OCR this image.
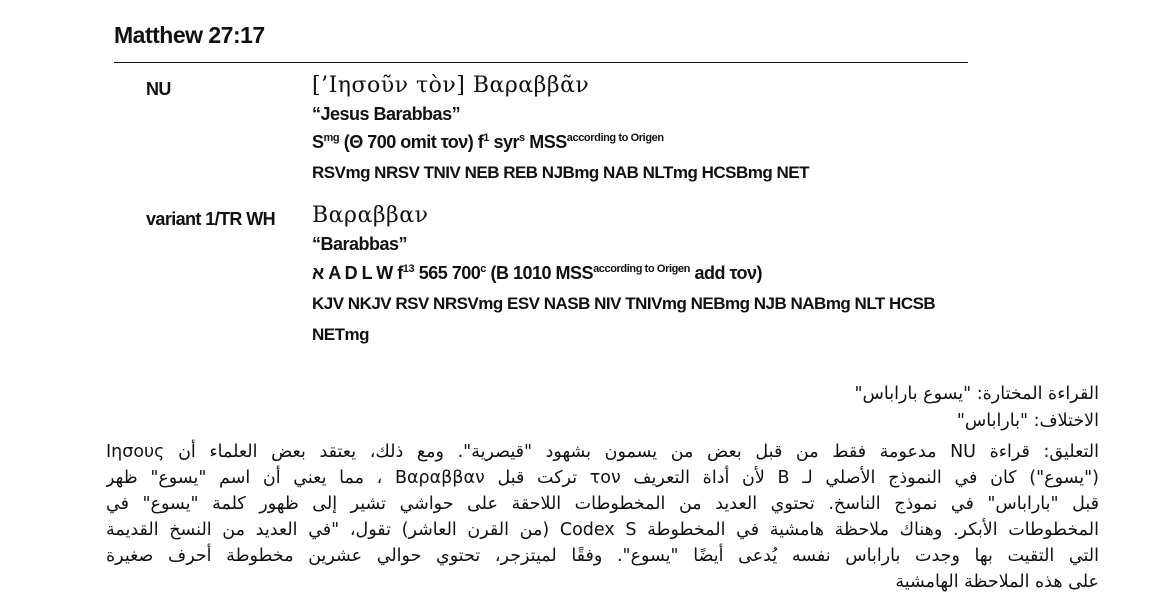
Matthew 27:17
NU	[’Ιησοῦν τὸν] Βαραββᾶν
“Jesus Barabbas”
$S^{mg}$ (Θ 700 omit τον) $f^1$ syr$^s$ $MSS^{according to Origen}$
RSVmg NRSV TNIV NEB REB NJBmg NAB NLTmg HCSBmg NET
variant 1/TR WH Βαραββαν
“Barabbas”
א A D L W $f^{13}$ 565 700$^c$ (B 1010 $MSS^{according to Origen}$ add τον)
KJV NKJV RSV NRSVmg ESV NASB NIV TNIVmg NEBmg NJB NABmg NLT HCSB
NETmg
القراءة المختارة: "يسوع باراباس"
الاختلاف: "باراباس"
التعليق: قراءة NU مدعومة فقط من قبل بعض من يسمون بشهود "قيصرية". ومع ذلك، يعتقد بعض العلماء أن Ιησους
("يسوع") كان في النموذج الأصلي لـ B لأن أداة التعريف τον تركت قبل Βαραββαν ، مما يعني أن اسم "يسوع" ظهر
قبل "باراباس" في نموذج الناسخ. تحتوي العديد من المخطوطات اللاحقة على حواشي تشير إلى ظهور كلمة "يسوع" في
المخطوطات الأبكر. وهناك ملاحظة هامشية في المخطوطة Codex S (من القرن العاشر) تقول، "في العديد من النسخ القديمة
التي التقيت بها وجدت باراباس نفسه يُدعى أيضًا "يسوع". وفقًا لميتزجر، تحتوي حوالي عشرين مخطوطة أحرف صغيرة
على هذه الملاحظة الهامشية
